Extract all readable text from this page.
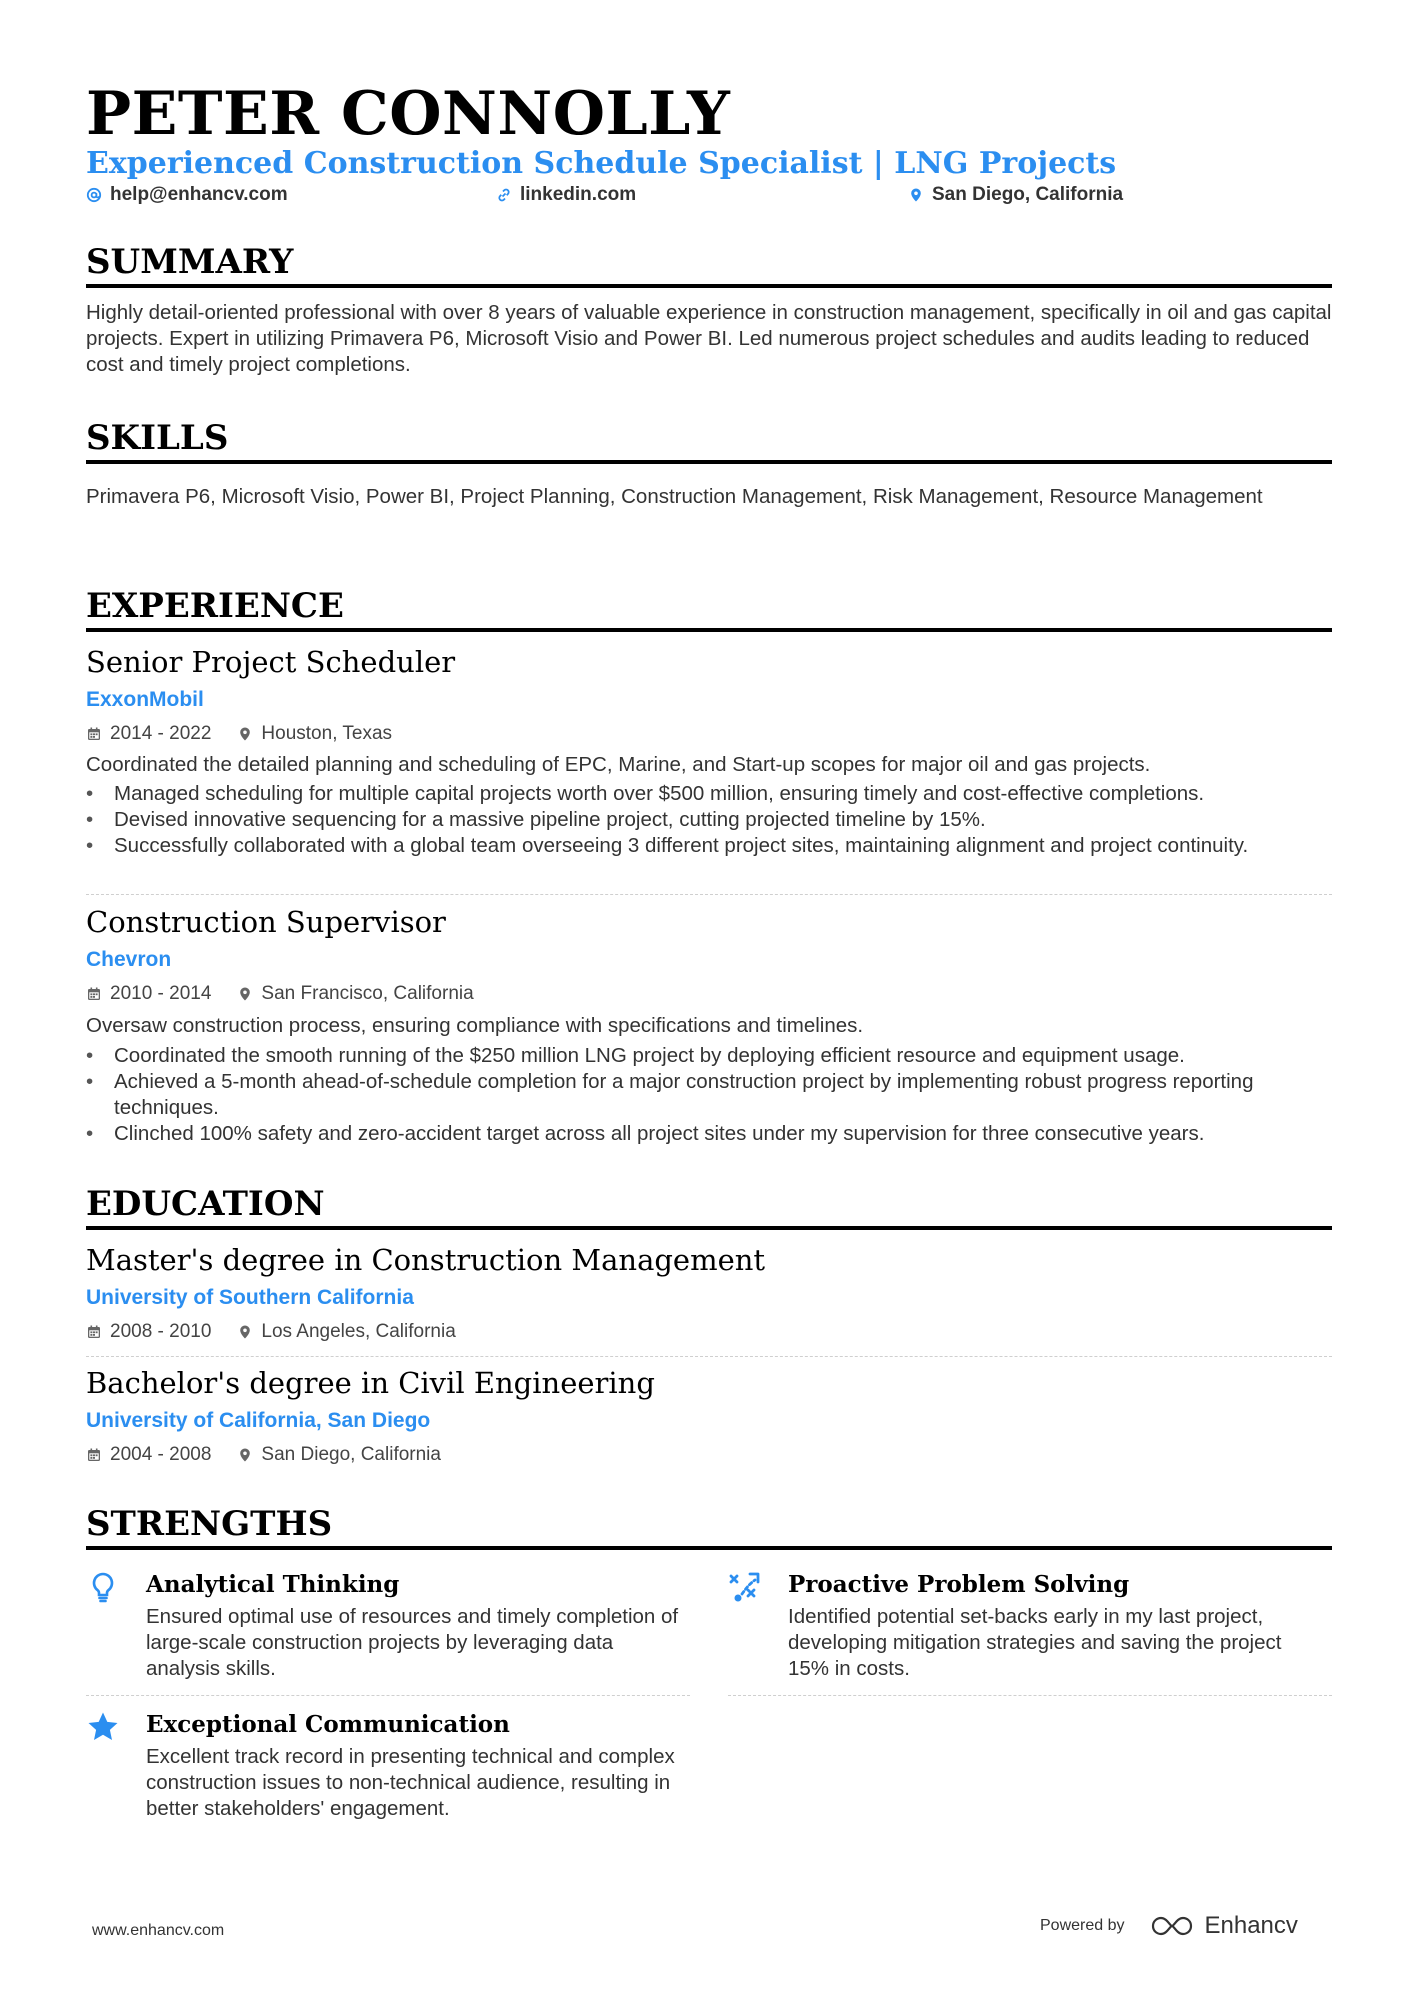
PETER CONNOLLY
Experienced Construction Schedule Specialist | LNG Projects
help@enhancv.com	linkedin.com	San Diego, California
SUMMARY
Highly detail-oriented professional with over 8 years of valuable experience in construction management, specifically in oil and gas capital projects. Expert in utilizing Primavera P6, Microsoft Visio and Power BI. Led numerous project schedules and audits leading to reduced cost and timely project completions.
SKILLS
Primavera P6, Microsoft Visio, Power BI, Project Planning, Construction Management, Risk Management, Resource Management
EXPERIENCE
Senior Project Scheduler
ExxonMobil
2014 - 2022	Houston, Texas
Coordinated the detailed planning and scheduling of EPC, Marine, and Start-up scopes for major oil and gas projects.
• Managed scheduling for multiple capital projects worth over $500 million, ensuring timely and cost-effective completions.
• Devised innovative sequencing for a massive pipeline project, cutting projected timeline by 15%.
• Successfully collaborated with a global team overseeing 3 different project sites, maintaining alignment and project continuity.
Construction Supervisor
Chevron
2010 - 2014	San Francisco, California
Oversaw construction process, ensuring compliance with specifications and timelines.
• Coordinated the smooth running of the $250 million LNG project by deploying efficient resource and equipment usage.
• Achieved a 5-month ahead-of-schedule completion for a major construction project by implementing robust progress reporting techniques.
• Clinched 100% safety and zero-accident target across all project sites under my supervision for three consecutive years.
EDUCATION
Master's degree in Construction Management
University of Southern California
2008 - 2010	Los Angeles, California
Bachelor's degree in Civil Engineering
University of California, San Diego
2004 - 2008	San Diego, California
STRENGTHS
Analytical Thinking
Ensured optimal use of resources and timely completion of large-scale construction projects by leveraging data analysis skills.
Proactive Problem Solving
Identified potential set-backs early in my last project, developing mitigation strategies and saving the project 15% in costs.
Exceptional Communication
Excellent track record in presenting technical and complex construction issues to non-technical audience, resulting in better stakeholders' engagement.
www.enhancv.com	Powered by	Enhancv
